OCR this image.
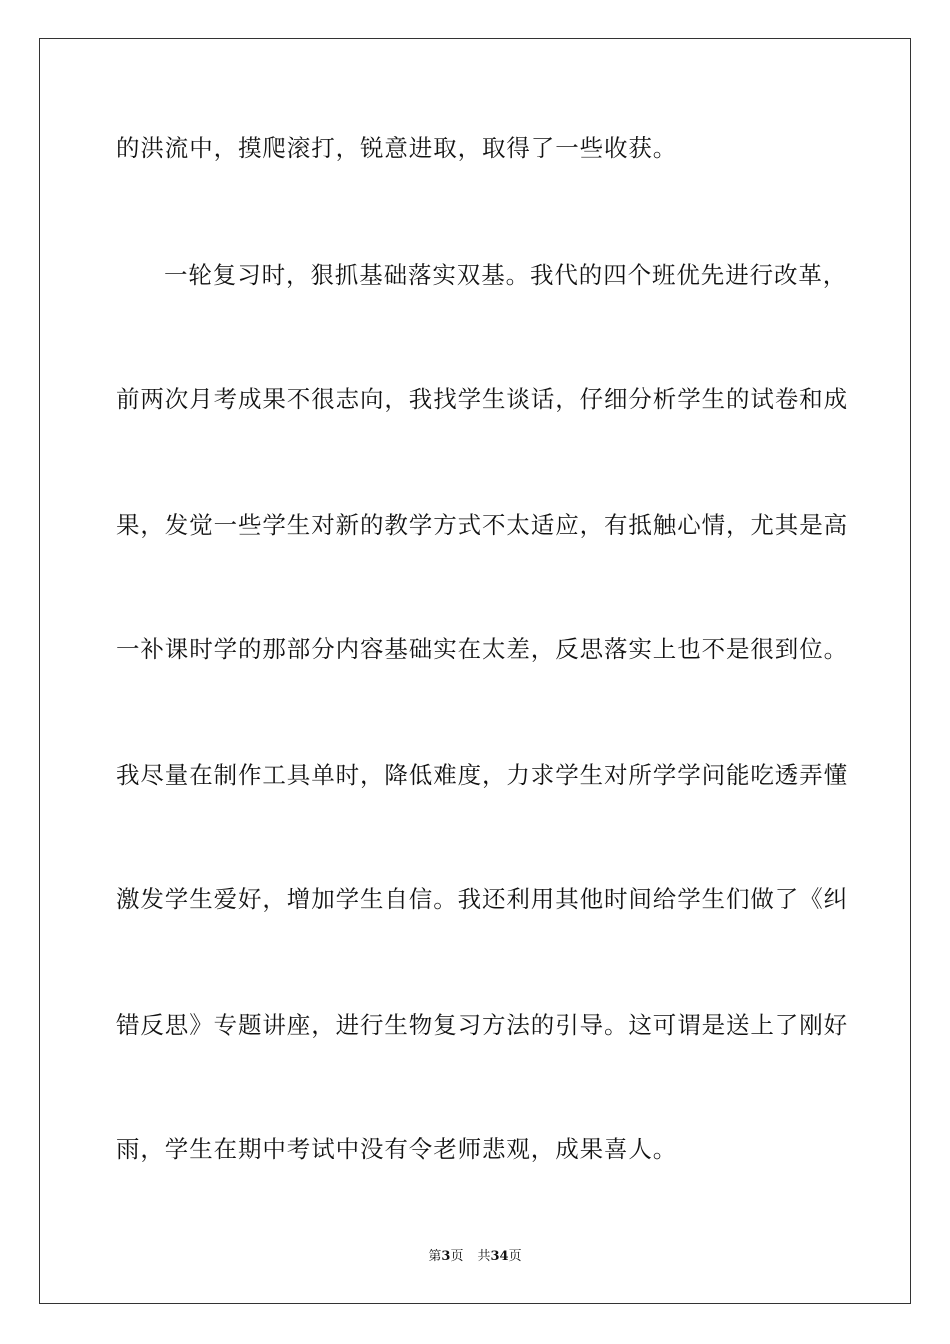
的洪流中，摸爬滚打，锐意进取，取得了一些收获。
一轮复习时，狠抓基础落实双基。我代的四个班优先进行改革，
前两次月考成果不很志向，我找学生谈话，仔细分析学生的试卷和成
果，发觉一些学生对新的教学方式不太适应，有抵触心情，尤其是高
一补课时学的那部分内容基础实在太差，反思落实上也不是很到位。
我尽量在制作工具单时，降低难度，力求学生对所学学问能吃透弄懂
激发学生爱好，增加学生自信。我还利用其他时间给学生们做了《纠
错反思》专题讲座，进行生物复习方法的引导。这可谓是送上了刚好
雨，学生在期中考试中没有令老师悲观，成果喜人。
第3页 共34页
